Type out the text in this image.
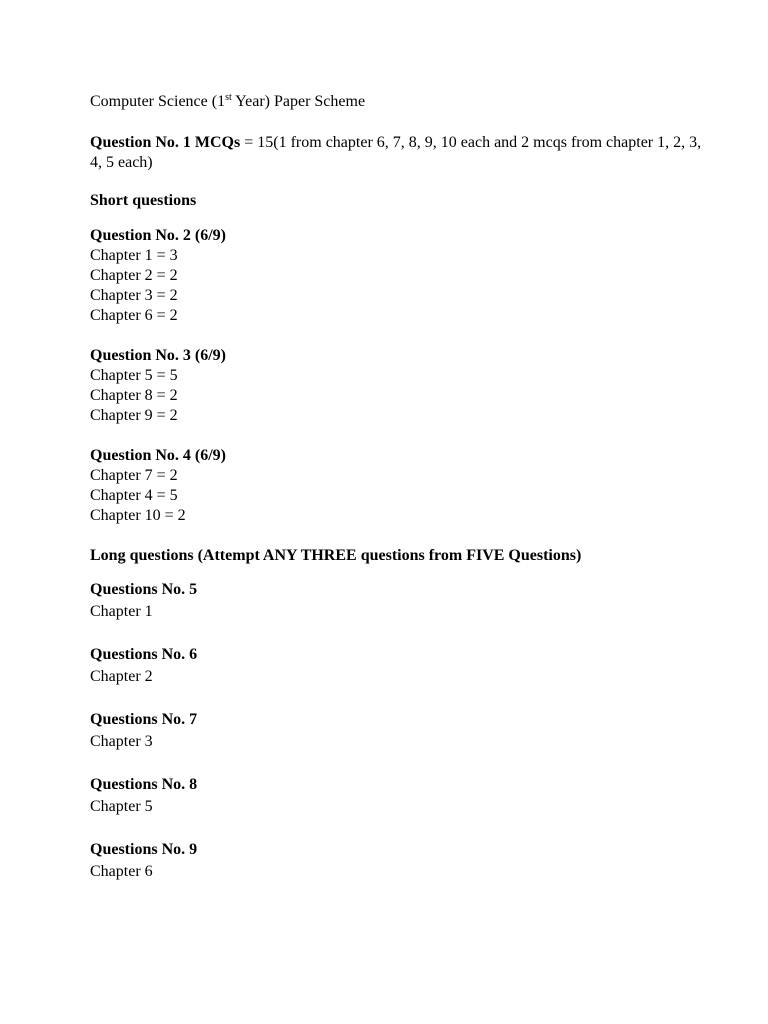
Computer Science (1st Year) Paper Scheme
Question No. 1 MCQs = 15(1 from chapter 6, 7, 8, 9, 10 each and 2 mcqs from chapter 1, 2, 3, 4, 5 each)
Short questions
Question No. 2 (6/9)
Chapter 1 = 3
Chapter 2 = 2
Chapter 3 = 2
Chapter 6 = 2
Question No. 3 (6/9)
Chapter 5 = 5
Chapter 8 = 2
Chapter 9 = 2
Question No. 4 (6/9)
Chapter 7 = 2
Chapter 4 = 5
Chapter 10 = 2
Long questions (Attempt ANY THREE questions from FIVE Questions)
Questions No. 5
Chapter 1
Questions No. 6
Chapter 2
Questions No. 7
Chapter 3
Questions No. 8
Chapter 5
Questions No. 9
Chapter 6
